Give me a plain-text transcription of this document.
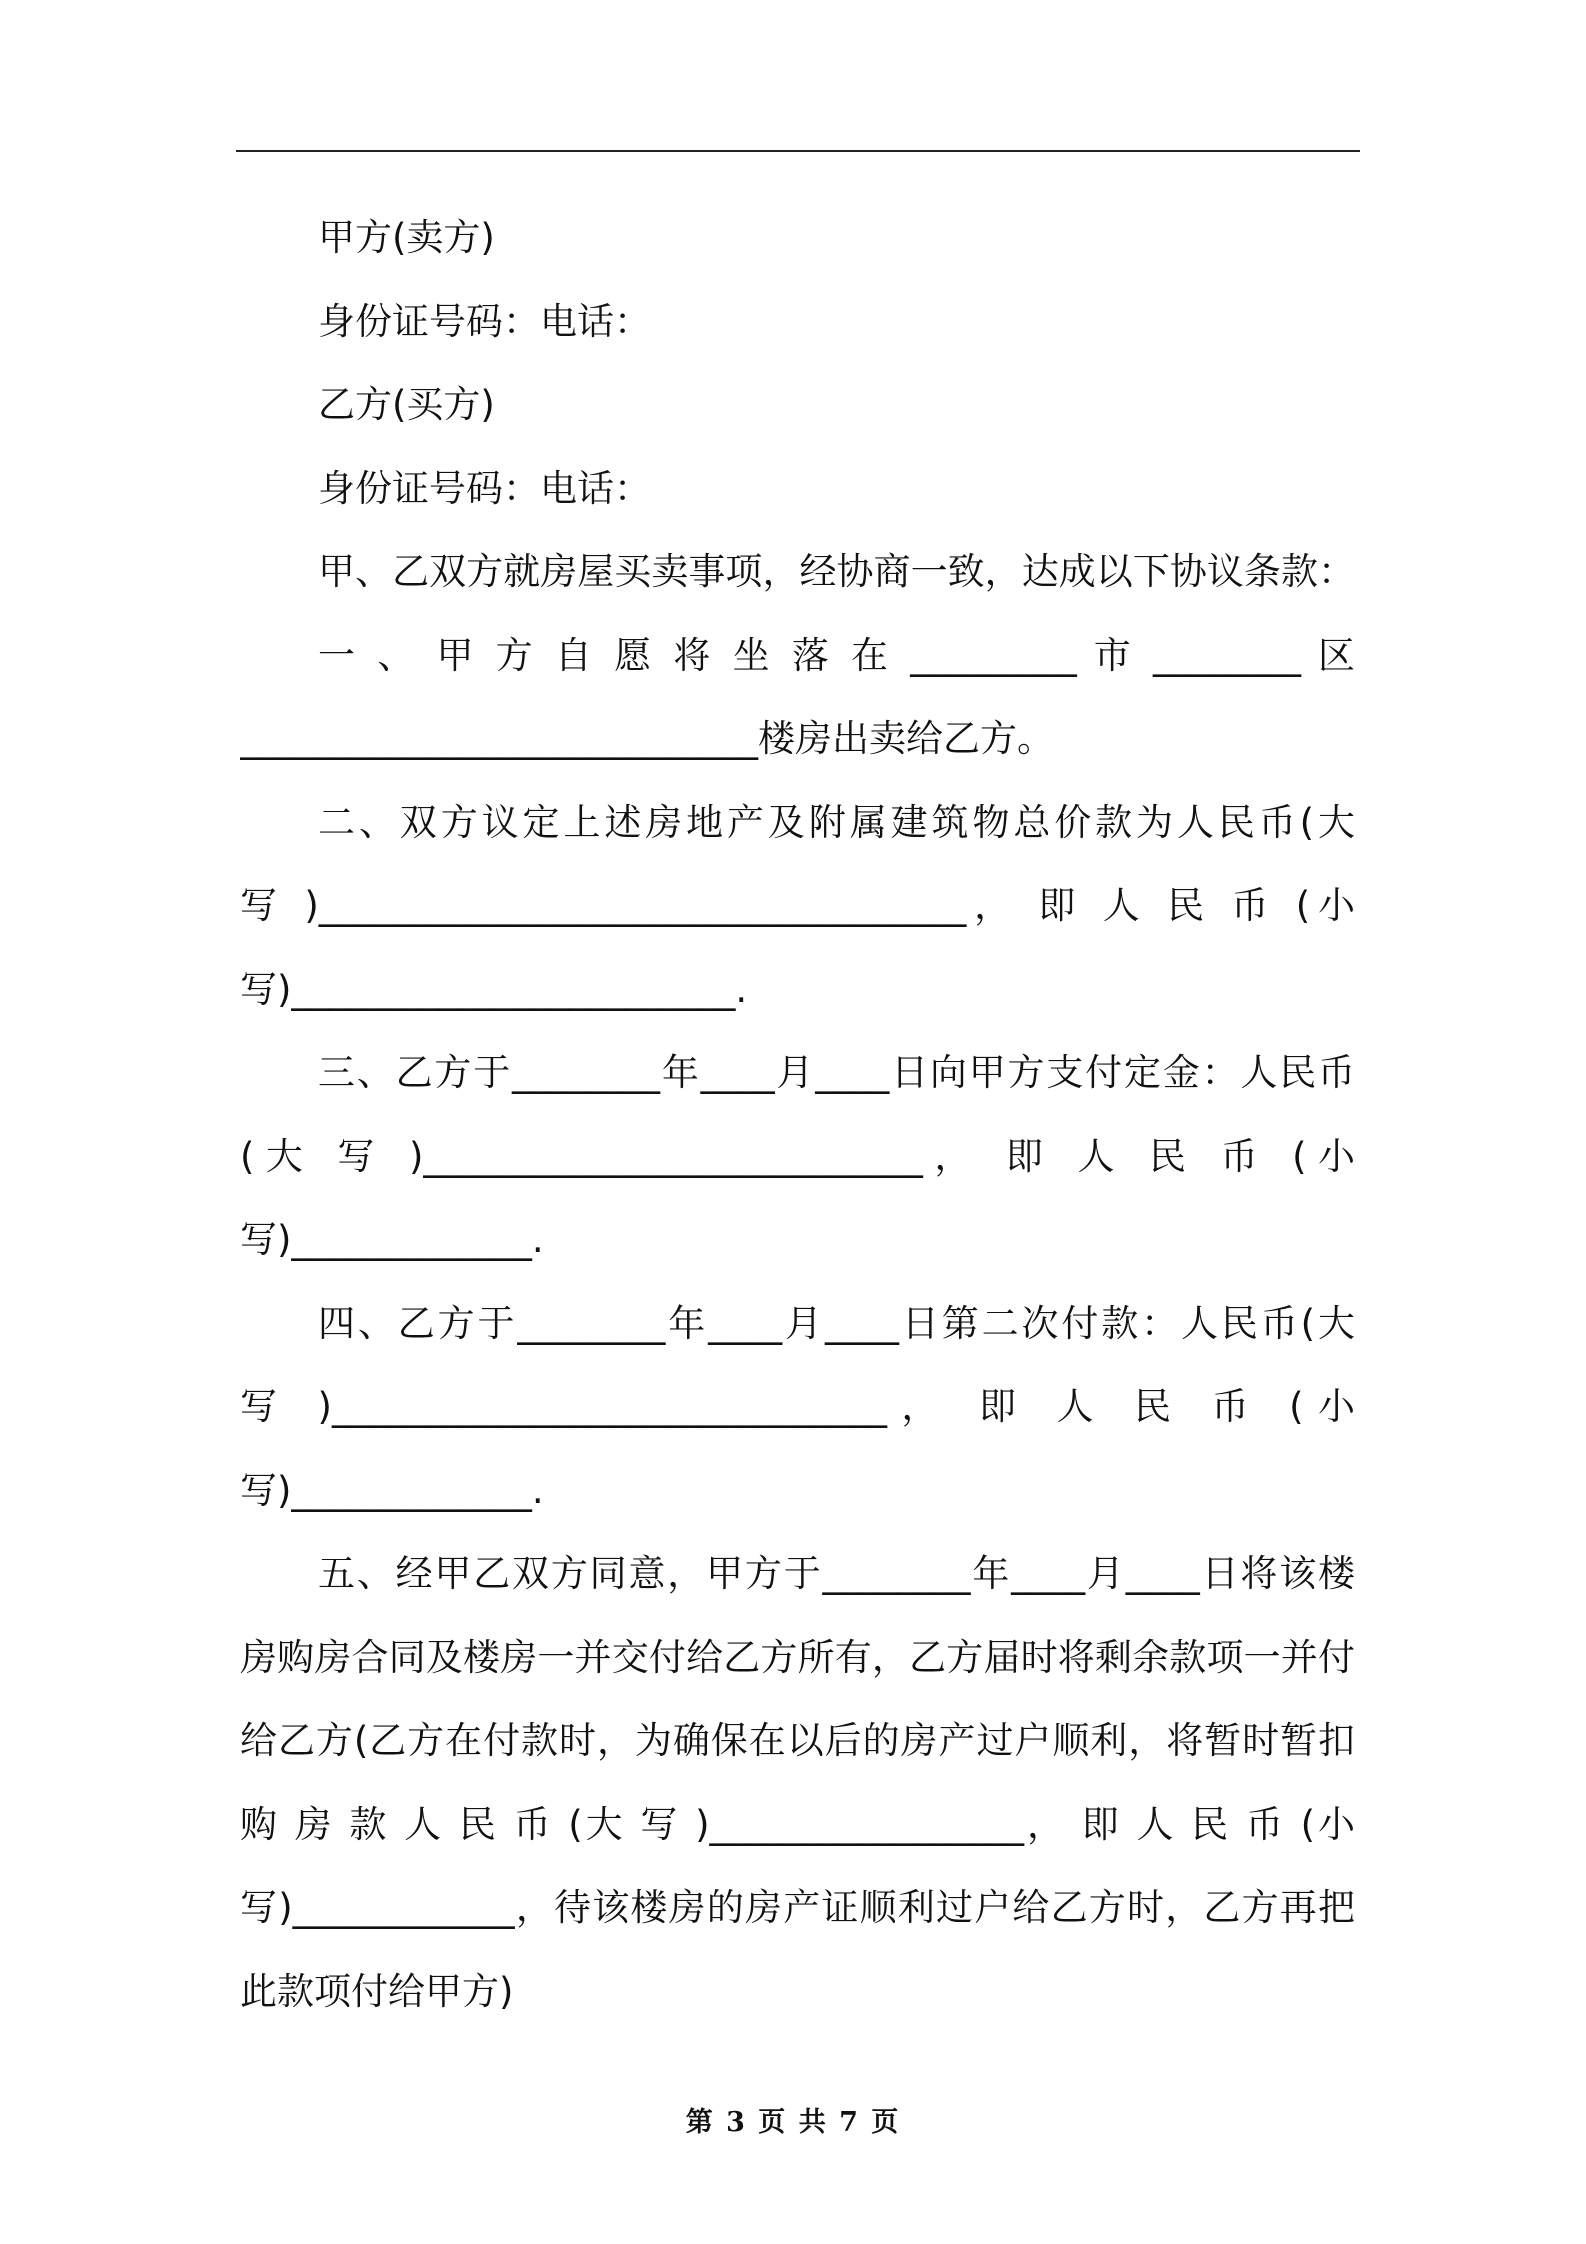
甲方(卖方)
身份证号码：电话：
乙方(买方)
身份证号码：电话：
甲、乙双方就房屋买卖事项，经协商一致，达成以下协议条款：
一 、 甲 方 自 愿 将 坐 落 在 _________ 市 ________ 区
____________________________楼房出卖给乙方。
二、双方议定上述房地产及附属建筑物总价款为人民币(大
写 )___________________________________， 即 人 民 币 (小
写)________________________.
三、乙方于________年____月____日向甲方支付定金：人民币
(大 写 )___________________________， 即 人 民 币 (小
写)_____________.
四、乙方于________年____月____日第二次付款：人民币(大
写 )______________________________， 即 人 民 币 (小
写)_____________.
五、经甲乙双方同意，甲方于________年____月____日将该楼
房购房合同及楼房一并交付给乙方所有，乙方届时将剩余款项一并付
给乙方(乙方在付款时，为确保在以后的房产过户顺利，将暂时暂扣
购 房 款 人 民 币 (大 写 )_________________， 即 人 民 币 (小
写)____________，待该楼房的房产证顺利过户给乙方时，乙方再把
此款项付给甲方)
第 3 页 共 7 页
